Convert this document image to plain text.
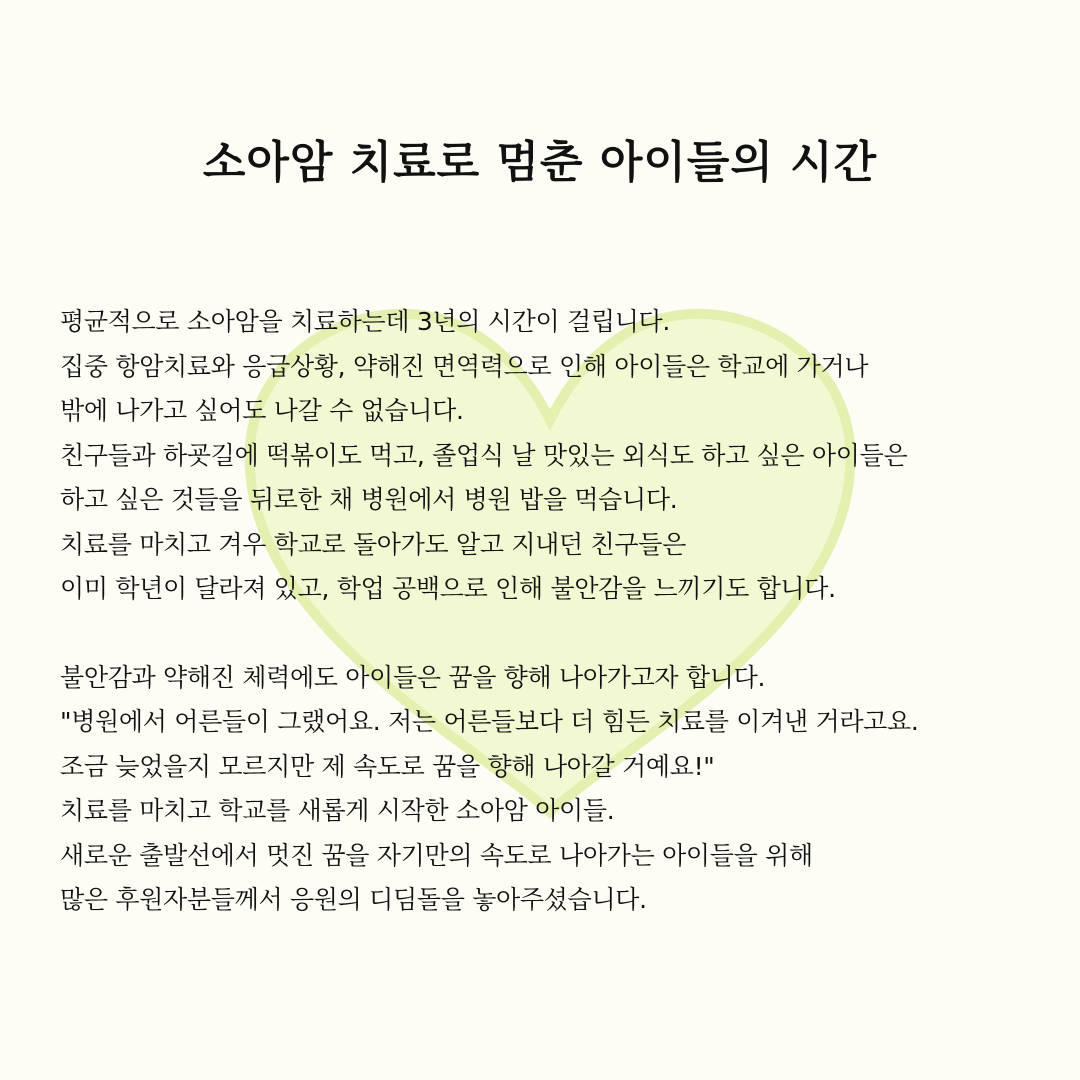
소아암 치료로 멈춘 아이들의 시간

평균적으로 소아암을 치료하는데 3년의 시간이 걸립니다.
집중 항암치료와 응급상황, 약해진 면역력으로 인해 아이들은 학교에 가거나
밖에 나가고 싶어도 나갈 수 없습니다.
친구들과 하굣길에 떡볶이도 먹고, 졸업식 날 맛있는 외식도 하고 싶은 아이들은
하고 싶은 것들을 뒤로한 채 병원에서 병원 밥을 먹습니다.
치료를 마치고 겨우 학교로 돌아가도 알고 지내던 친구들은
이미 학년이 달라져 있고, 학업 공백으로 인해 불안감을 느끼기도 합니다.

불안감과 약해진 체력에도 아이들은 꿈을 향해 나아가고자 합니다.
"병원에서 어른들이 그랬어요. 저는 어른들보다 더 힘든 치료를 이겨낸 거라고요.
조금 늦었을지 모르지만 제 속도로 꿈을 향해 나아갈 거예요!"
치료를 마치고 학교를 새롭게 시작한 소아암 아이들.
새로운 출발선에서 멋진 꿈을 자기만의 속도로 나아가는 아이들을 위해
많은 후원자분들께서 응원의 디딤돌을 놓아주셨습니다.
